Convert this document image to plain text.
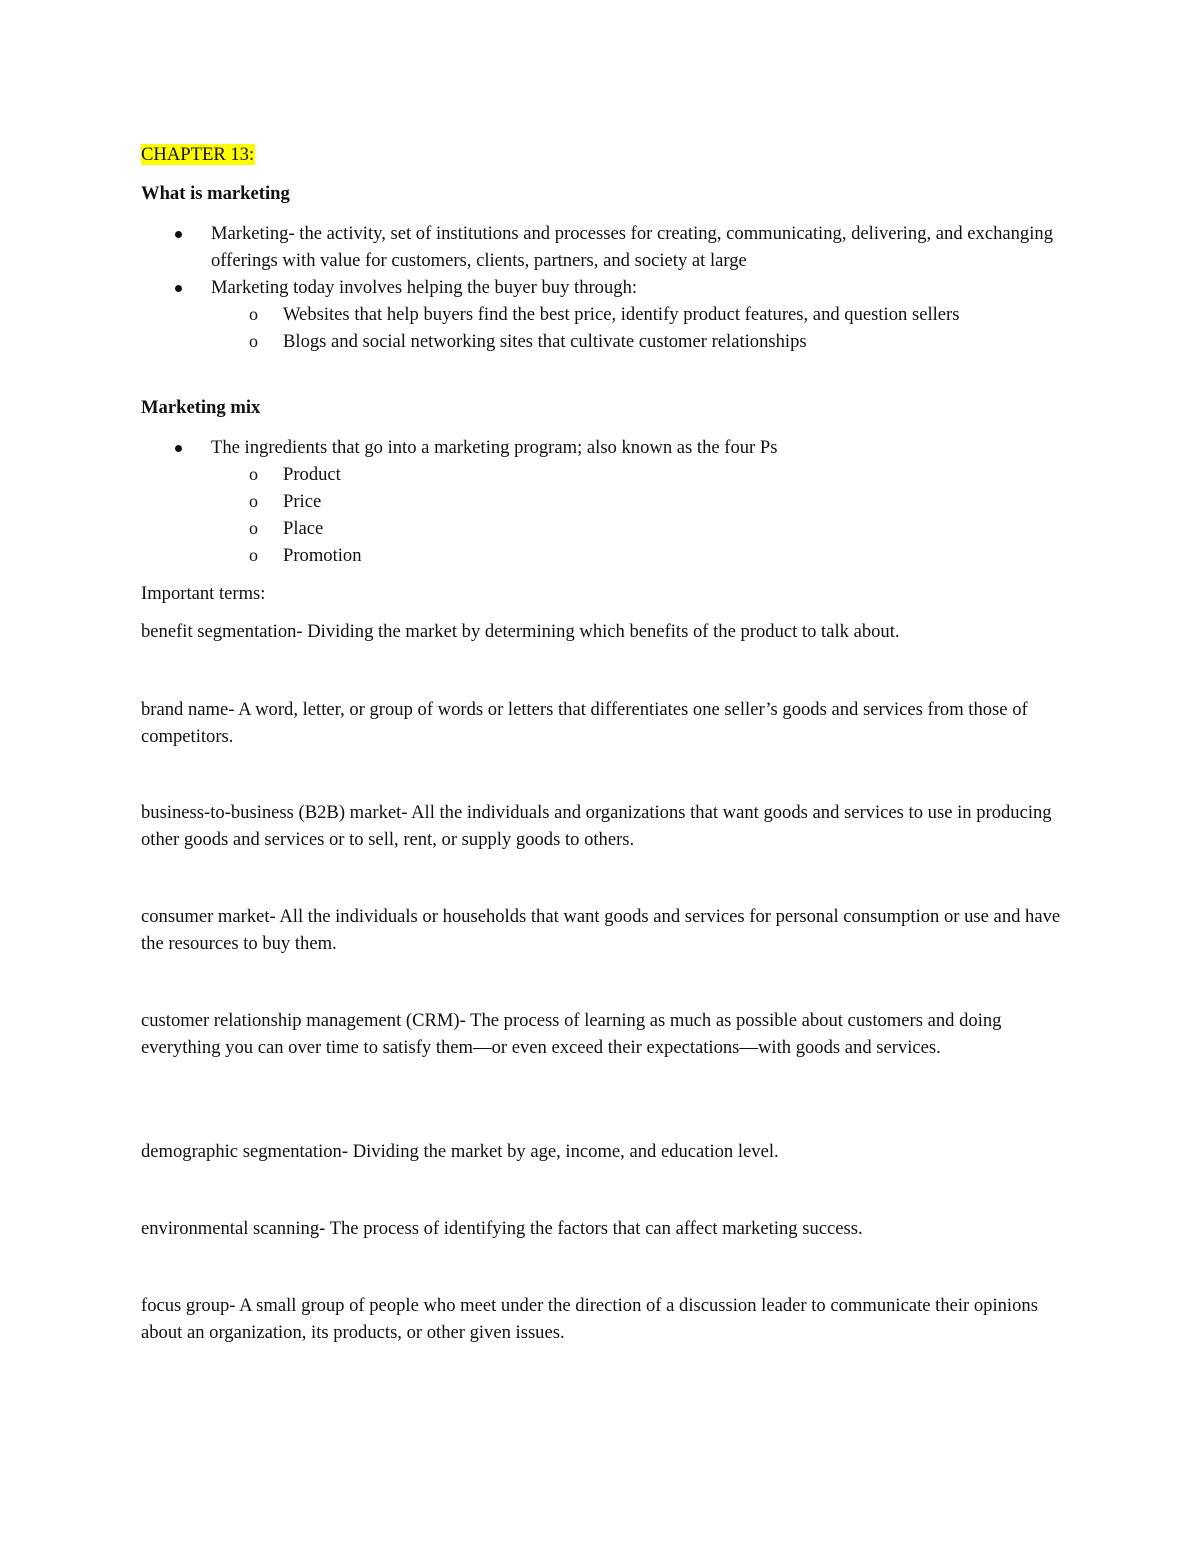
CHAPTER 13:
What is marketing
Marketing- the activity, set of institutions and processes for creating, communicating, delivering, and exchanging offerings with value for customers, clients, partners, and society at large
Marketing today involves helping the buyer buy through:
o Websites that help buyers find the best price, identify product features, and question sellers
o Blogs and social networking sites that cultivate customer relationships
Marketing mix
The ingredients that go into a marketing program; also known as the four Ps
o Product
o Price
o Place
o Promotion

Important terms:

benefit segmentation- Dividing the market by determining which benefits of the product to talk about.

brand name- A word, letter, or group of words or letters that differentiates one seller’s goods and services from those of competitors.

business-to-business (B2B) market- All the individuals and organizations that want goods and services to use in producing other goods and services or to sell, rent, or supply goods to others.

consumer market- All the individuals or households that want goods and services for personal consumption or use and have the resources to buy them.

customer relationship management (CRM)- The process of learning as much as possible about customers and doing everything you can over time to satisfy them—or even exceed their expectations—with goods and services.

demographic segmentation- Dividing the market by age, income, and education level.

environmental scanning- The process of identifying the factors that can affect marketing success.

focus group- A small group of people who meet under the direction of a discussion leader to communicate their opinions about an organization, its products, or other given issues.
